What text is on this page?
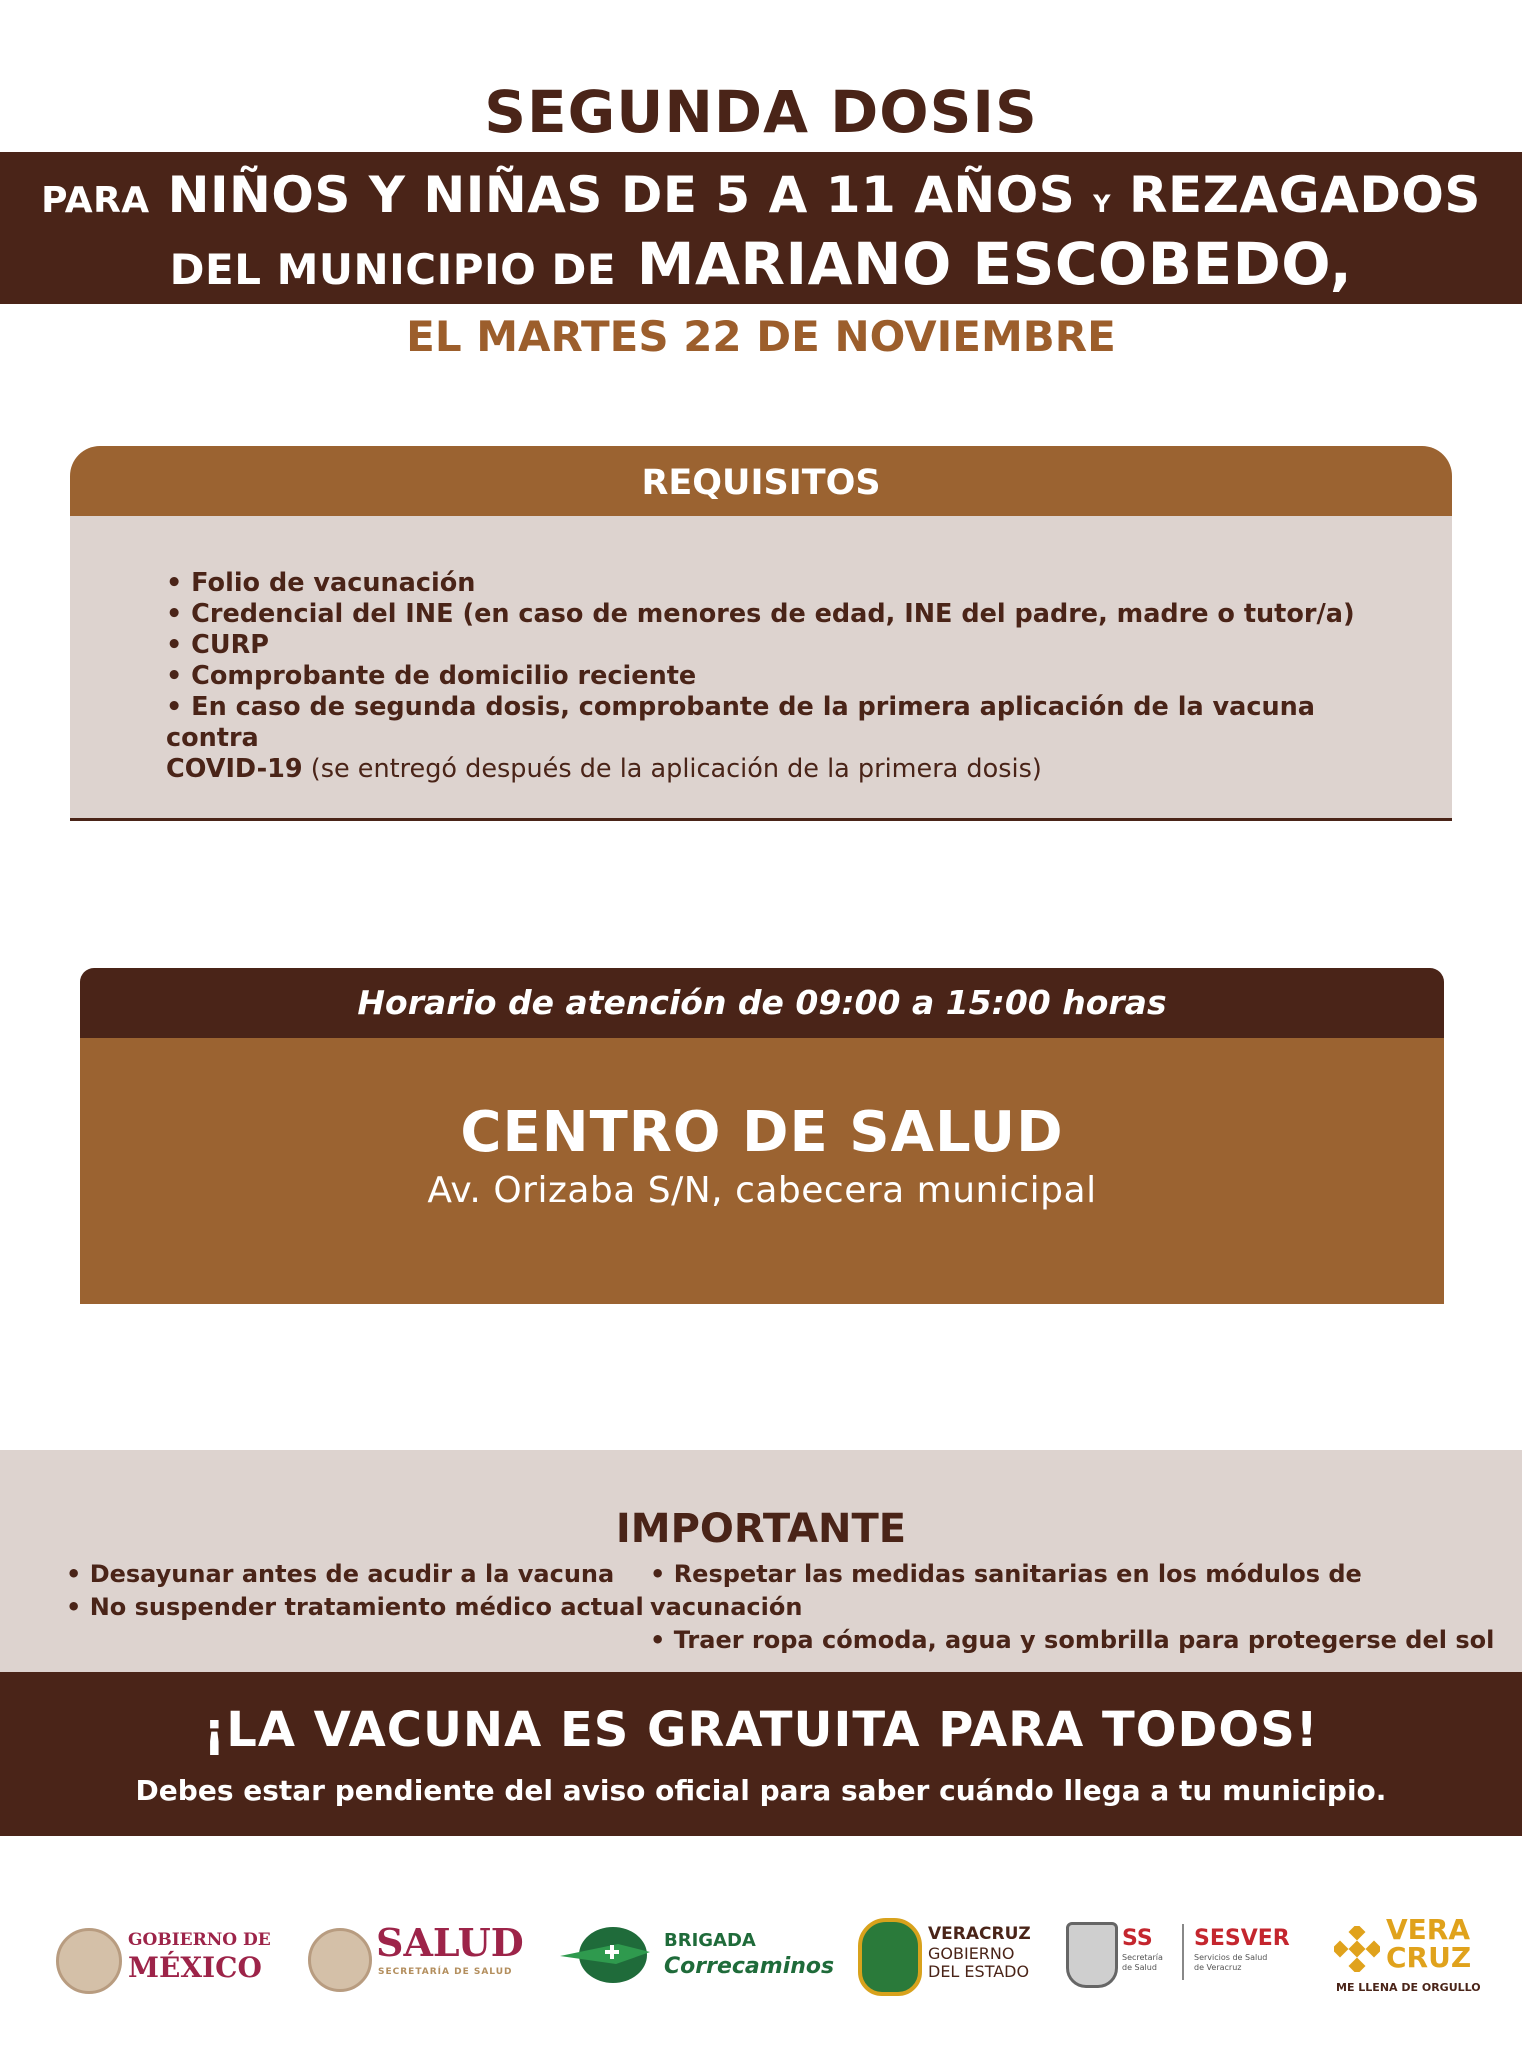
SEGUNDA DOSIS
PARA NIÑOS Y NIÑAS DE 5 A 11 AÑOS Y REZAGADOS
DEL MUNICIPIO DE MARIANO ESCOBEDO,
EL MARTES 22 DE NOVIEMBRE
REQUISITOS
• Folio de vacunación
• Credencial del INE (en caso de menores de edad, INE del padre, madre o tutor/a)
• CURP
• Comprobante de domicilio reciente
• En caso de segunda dosis, comprobante de la primera aplicación de la vacuna contra
COVID-19 (se entregó después de la aplicación de la primera dosis)
Horario de atención de 09:00 a 15:00 horas
CENTRO DE SALUD
Av. Orizaba S/N, cabecera municipal
IMPORTANTE
• Desayunar antes de acudir a la vacuna
• No suspender tratamiento médico actual
• Respetar las medidas sanitarias en los módulos de vacunación
• Traer ropa cómoda, agua y sombrilla para protegerse del sol
¡LA VACUNA ES GRATUITA PARA TODOS!
Debes estar pendiente del aviso oficial para saber cuándo llega a tu municipio.
GOBIERNO DE
MÉXICO
SALUD
SECRETARÍA DE SALUD
BRIGADA
Correcaminos
VERACRUZ
GOBIERNO
DEL ESTADO
SS
Secretaría
de Salud
SESVER
Servicios de Salud
de Veracruz
VERA
CRUZ
ME LLENA DE ORGULLO
